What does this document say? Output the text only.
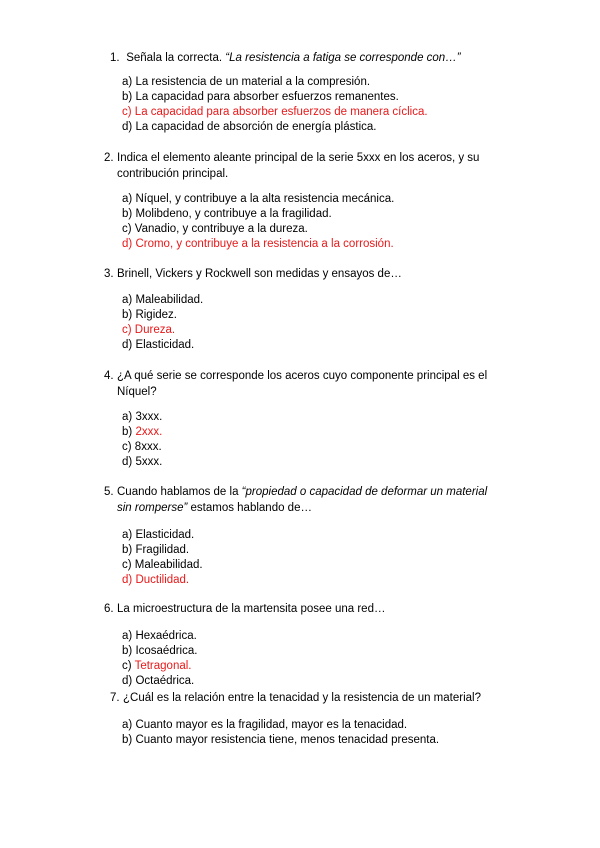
1. Señala la correcta. “La resistencia a fatiga se corresponde con…”

a) La resistencia de un material a la compresión.
b) La capacidad para absorber esfuerzos remanentes.
c) La capacidad para absorber esfuerzos de manera cíclica.
d) La capacidad de absorción de energía plástica.

2. Indica el elemento aleante principal de la serie 5xxx en los aceros, y su
contribución principal.

a) Níquel, y contribuye a la alta resistencia mecánica.
b) Molibdeno, y contribuye a la fragilidad.
c) Vanadio, y contribuye a la dureza.
d) Cromo, y contribuye a la resistencia a la corrosión.

3. Brinell, Vickers y Rockwell son medidas y ensayos de…

a) Maleabilidad.
b) Rigidez.
c) Dureza.
d) Elasticidad.

4. ¿A qué serie se corresponde los aceros cuyo componente principal es el
Níquel?

a) 3xxx.
b) 2xxx.
c) 8xxx.
d) 5xxx.

5. Cuando hablamos de la “propiedad o capacidad de deformar un material
sin romperse” estamos hablando de…

a) Elasticidad.
b) Fragilidad.
c) Maleabilidad.
d) Ductilidad.

6. La microestructura de la martensita posee una red…

a) Hexaédrica.
b) Icosaédrica.
c) Tetragonal.
d) Octaédrica.

7. ¿Cuál es la relación entre la tenacidad y la resistencia de un material?

a) Cuanto mayor es la fragilidad, mayor es la tenacidad.
b) Cuanto mayor resistencia tiene, menos tenacidad presenta.
